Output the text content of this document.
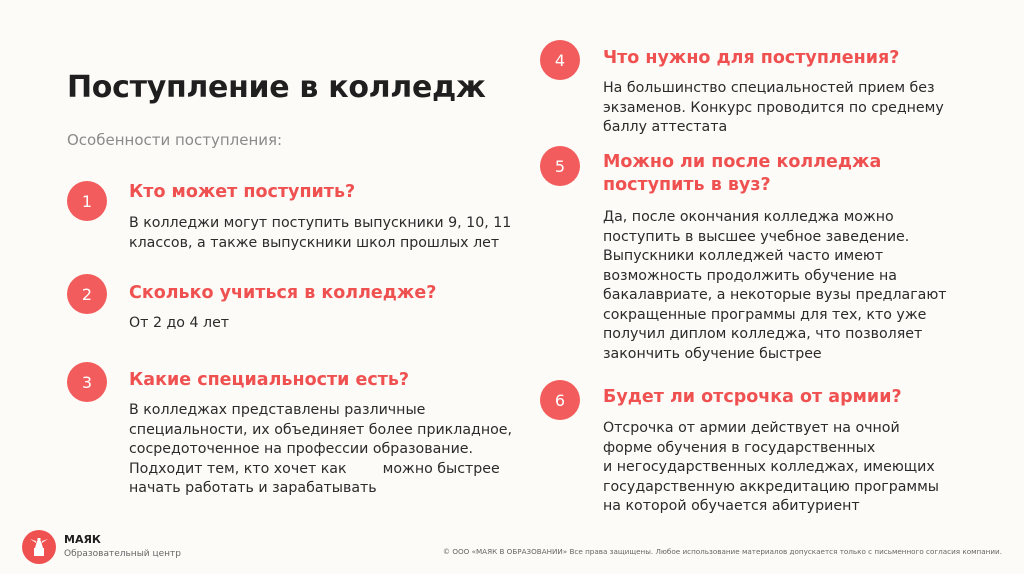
Поступление в колледж
Особенности поступления:
1	Кто может поступить?
В колледжи могут поступить выпускники 9, 10, 11
классов, а также выпускники школ прошлых лет
2	Сколько учиться в колледже?
От 2 до 4 лет
3	Какие специальности есть?
В колледжах представлены различные
специальности, их объединяет более прикладное,
сосредоточенное на профессии образование.
Подходит тем, кто хочет как        можно быстрее
начать работать и зарабатывать
4	Что нужно для поступления?
На большинство специальностей прием без
экзаменов. Конкурс проводится по среднему
баллу аттестата
5	Можно ли после колледжа
поступить в вуз?
Да, после окончания колледжа можно
поступить в высшее учебное заведение.
Выпускники колледжей часто имеют
возможность продолжить обучение на
бакалавриате, а некоторые вузы предлагают
сокращенные программы для тех, кто уже
получил диплом колледжа, что позволяет
закончить обучение быстрее
6	Будет ли отсрочка от армии?
Отсрочка от армии действует на очной
форме обучения в государственных
и негосударственных колледжах, имеющих
государственную аккредитацию программы
на которой обучается абитуриент
МАЯК
Образовательный центр	© ООО «МАЯК В ОБРАЗОВАНИИ» Все права защищены. Любое использование материалов допускается только с письменного согласия компании.
